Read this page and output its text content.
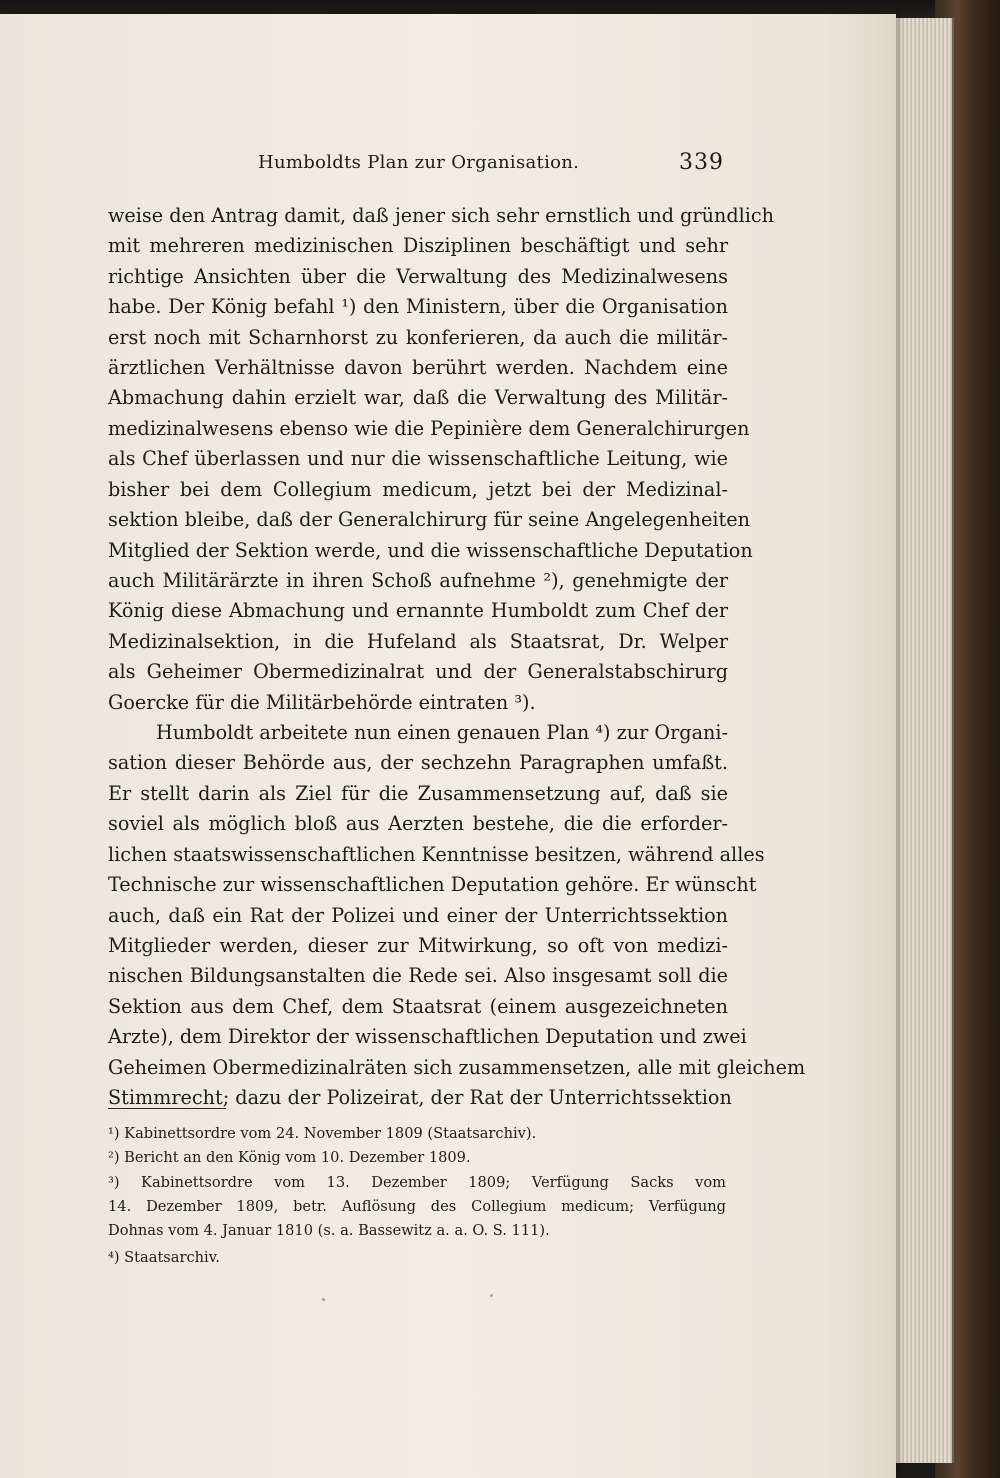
Humboldts Plan zur Organisation.	339
weise den Antrag damit, daß jener sich sehr ernstlich und gründlich
mit mehreren medizinischen Disziplinen beschäftigt und sehr
richtige Ansichten über die Verwaltung des Medizinalwesens
habe. Der König befahl ¹) den Ministern, über die Organisation
erst noch mit Scharnhorst zu konferieren, da auch die militär-
ärztlichen Verhältnisse davon berührt werden. Nachdem eine
Abmachung dahin erzielt war, daß die Verwaltung des Militär-
medizinalwesens ebenso wie die Pepinière dem Generalchirurgen
als Chef überlassen und nur die wissenschaftliche Leitung, wie
bisher bei dem Collegium medicum, jetzt bei der Medizinal-
sektion bleibe, daß der Generalchirurg für seine Angelegenheiten
Mitglied der Sektion werde, und die wissenschaftliche Deputation
auch Militärärzte in ihren Schoß aufnehme ²), genehmigte der
König diese Abmachung und ernannte Humboldt zum Chef der
Medizinalsektion, in die Hufeland als Staatsrat, Dr. Welper
als Geheimer Obermedizinalrat und der Generalstabschirurg
Goercke für die Militärbehörde eintraten ³).
Humboldt arbeitete nun einen genauen Plan ⁴) zur Organi-
sation dieser Behörde aus, der sechzehn Paragraphen umfaßt.
Er stellt darin als Ziel für die Zusammensetzung auf, daß sie
soviel als möglich bloß aus Aerzten bestehe, die die erforder-
lichen staatswissenschaftlichen Kenntnisse besitzen, während alles
Technische zur wissenschaftlichen Deputation gehöre. Er wünscht
auch, daß ein Rat der Polizei und einer der Unterrichtssektion
Mitglieder werden, dieser zur Mitwirkung, so oft von medizi-
nischen Bildungsanstalten die Rede sei. Also insgesamt soll die
Sektion aus dem Chef, dem Staatsrat (einem ausgezeichneten
Arzte), dem Direktor der wissenschaftlichen Deputation und zwei
Geheimen Obermedizinalräten sich zusammensetzen, alle mit gleichem
Stimmrecht; dazu der Polizeirat, der Rat der Unterrichtssektion
¹) Kabinettsordre vom 24. November 1809 (Staatsarchiv).
²) Bericht an den König vom 10. Dezember 1809.
³) Kabinettsordre vom 13. Dezember 1809; Verfügung Sacks vom
14. Dezember 1809, betr. Auflösung des Collegium medicum; Verfügung
Dohnas vom 4. Januar 1810 (s. a. Bassewitz a. a. O. S. 111).
⁴) Staatsarchiv.
